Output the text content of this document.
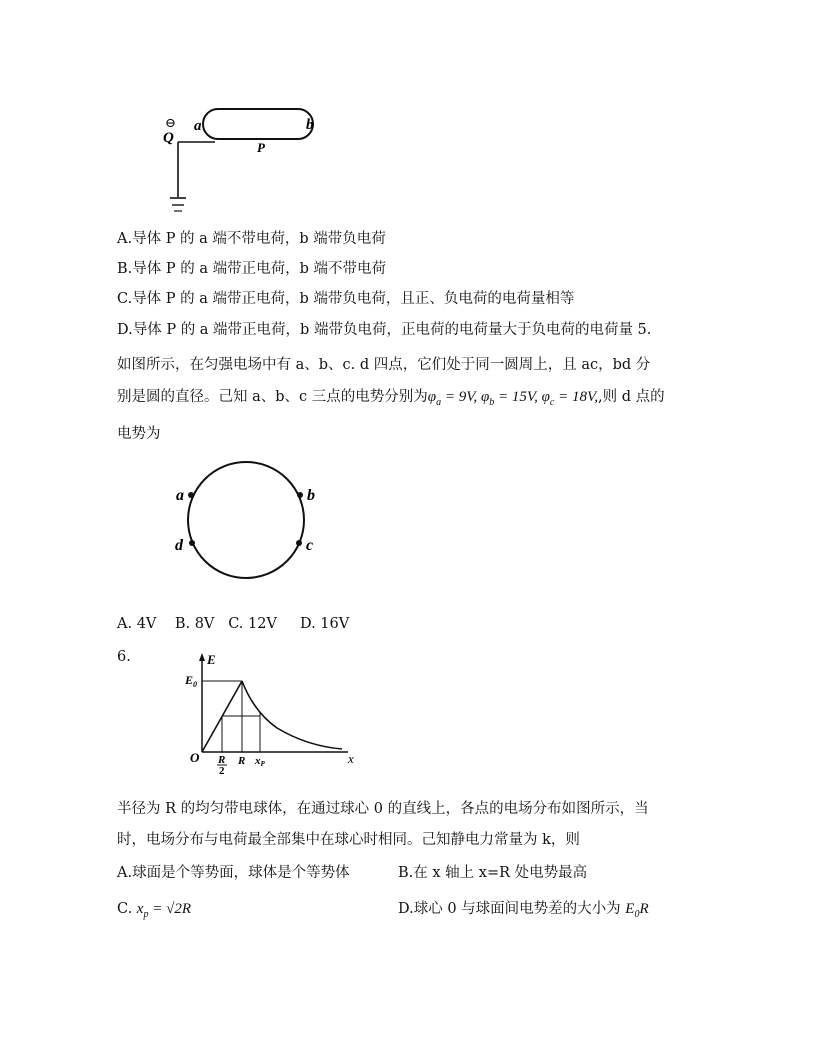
⊖
Q
a	b
P
A.导体 P 的 a 端不带电荷，b 端带负电荷
B.导体 P 的 a 端带正电荷，b 端不带电荷
C.导体 P 的 a 端带正电荷，b 端带负电荷，且正、负电荷的电荷量相等
D.导体 P 的 a 端带正电荷，b 端带负电荷，正电荷的电荷量大于负电荷的电荷量 5.
如图所示，在匀强电场中有 a、b、c. d 四点，它们处于同一圆周上，且 ac，bd 分
别是圆的直径。己知 a、b、c 三点的电势分别为$\varphi_a = 9V$, $\varphi_b = 15V$, $\varphi_c = 18V$,,则 d 点的
电势为
a	b
c
d
A. 4V    B. 8V   C. 12V     D. 16V
6.	E
$E_0$
O R
2
R xP	x
半径为 R 的均匀带电球体，在通过球心 0 的直线上，各点的电场分布如图所示，当
时，电场分布与电荷最全部集中在球心时相同。己知静电力常量为 k，则
A.球面是个等势面，球体是个等势体	B.在 x 轴上 x=R 处电势最高
C. $x_p = √2R$	D.球心 0 与球面间电势差的大小为 $E_0R$
